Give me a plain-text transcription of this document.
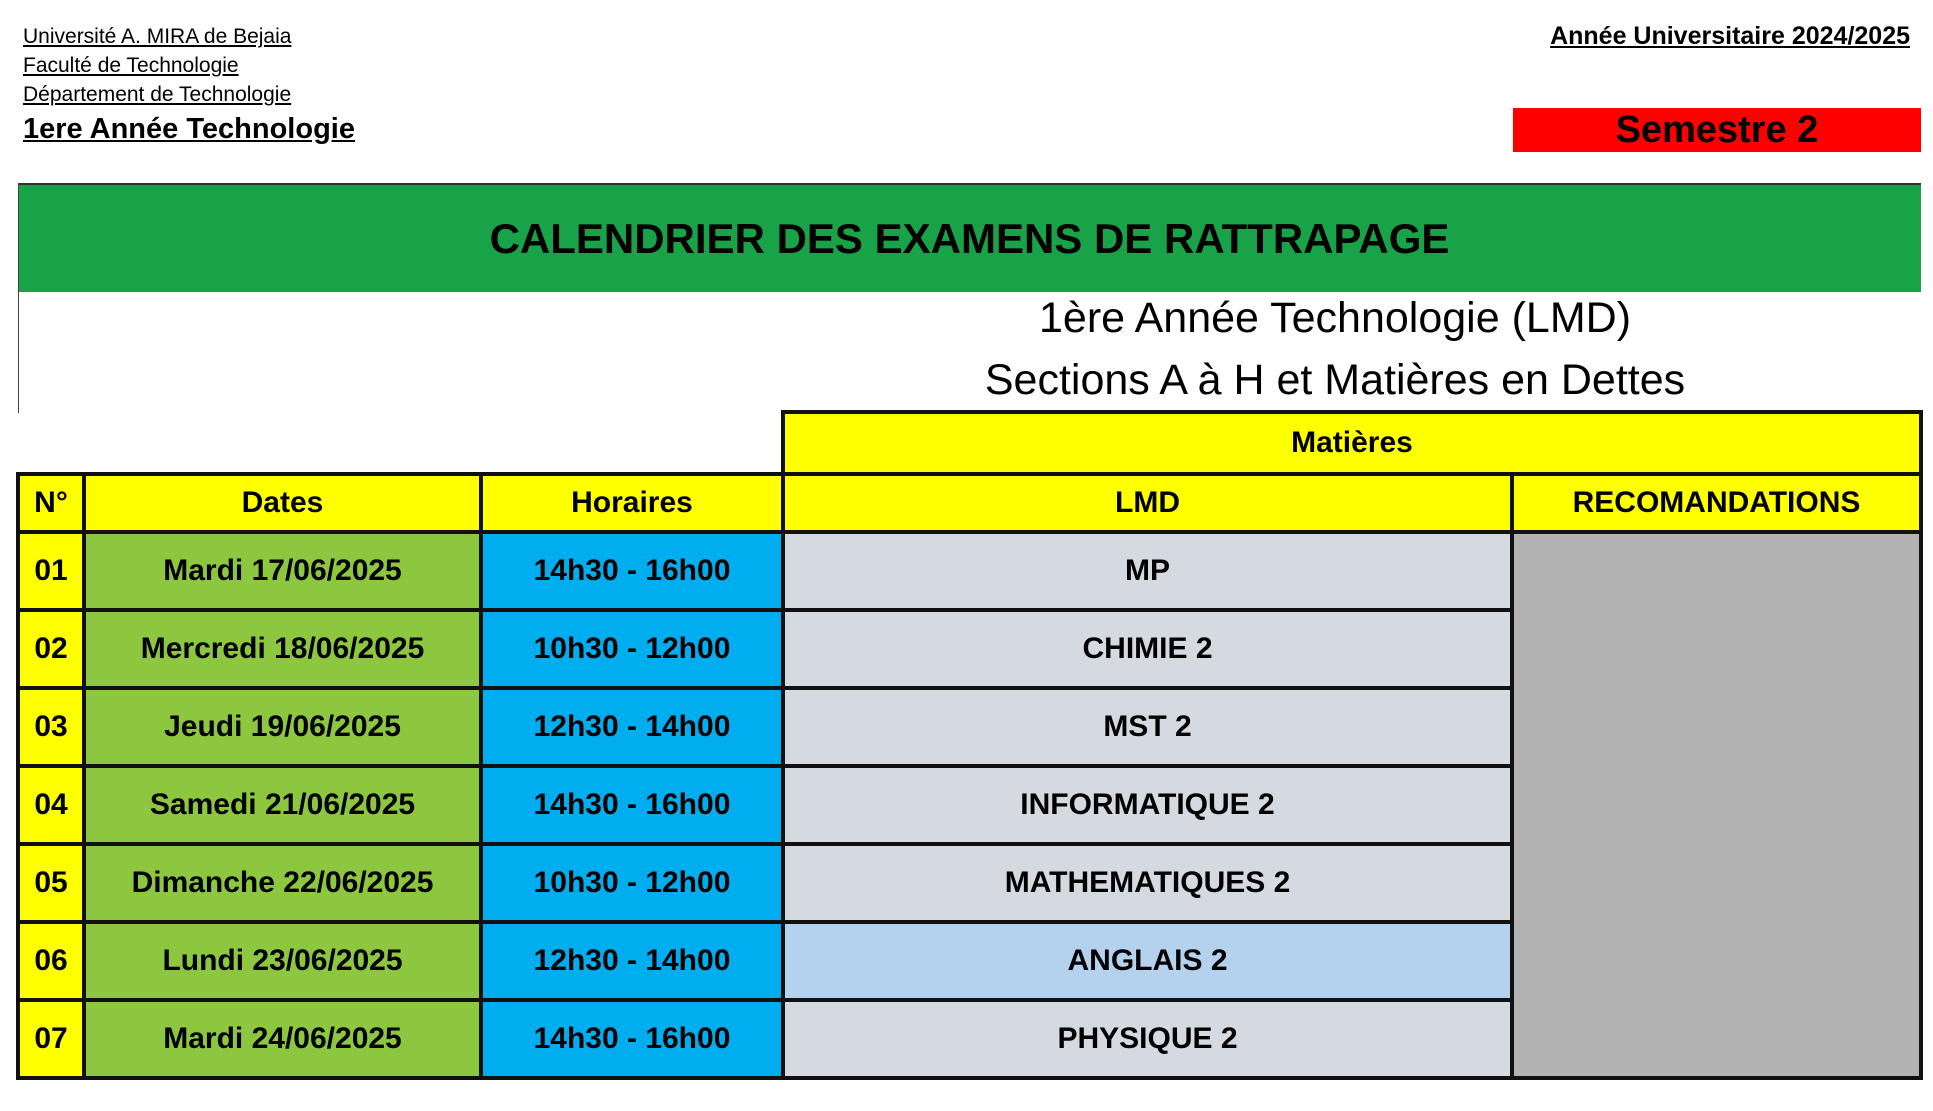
Université A. MIRA de Bejaia
Faculté de Technologie
Département de Technologie
1ere Année Technologie
Année Universitaire 2024/2025
Semestre 2
CALENDRIER DES EXAMENS DE RATTRAPAGE
1ère Année Technologie (LMD)
Sections A à H et Matières en Dettes
			Matières	
N°	Dates	Horaires	LMD	RECOMANDATIONS
01	Mardi 17/06/2025	14h30 - 16h00	MP	
02	Mercredi 18/06/2025	10h30 - 12h00	CHIMIE 2	
03	Jeudi 19/06/2025	12h30 - 14h00	MST 2	
04	Samedi 21/06/2025	14h30 - 16h00	INFORMATIQUE 2	
05	Dimanche 22/06/2025	10h30 - 12h00	MATHEMATIQUES 2	
06	Lundi 23/06/2025	12h30 - 14h00	ANGLAIS 2	
07	Mardi 24/06/2025	14h30 - 16h00	PHYSIQUE 2	
